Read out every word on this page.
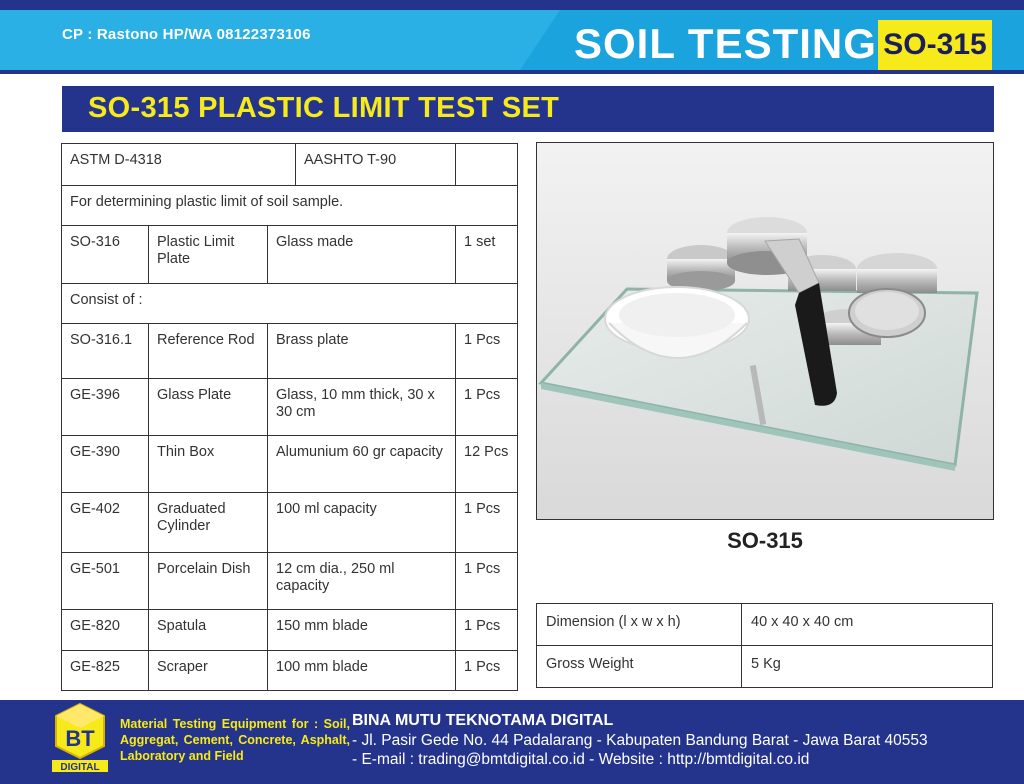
CP : Rastono HP/WA 08122373106	SOIL TESTING SO-315
SO-315 PLASTIC LIMIT TEST SET
ASTM D-4318 AASHTO T-90			
For determining plastic limit of soil sample.			
SO-316	Plastic Limit Plate	Glass made	1 set
Consist of :			
SO-316.1	Reference Rod	Brass plate	1 Pcs
GE-396	Glass Plate	Glass, 10 mm thick, 30 x 30 cm	1 Pcs
GE-390	Thin Box	Alumunium 60 gr capacity	12 Pcs
GE-402	Graduated Cylinder	100 ml capacity	1 Pcs
GE-501	Porcelain Dish	12 cm dia., 250 ml capacity	1 Pcs
GE-820	Spatula	150 mm blade	1 Pcs
GE-825	Scraper	100 mm blade	1 Pcs
SO-315
Dimension (l x w x h)	40 x 40 x 40 cm
Gross Weight	5 Kg
BT
DIGITAL
Material Testing Equipment for : Soil, Aggregat, Cement, Concrete, Asphalt, Laboratory and Field
BINA MUTU TEKNOTAMA DIGITAL
- Jl. Pasir Gede No. 44 Padalarang - Kabupaten Bandung Barat - Jawa Barat 40553
- E-mail : trading@bmtdigital.co.id - Website : http://bmtdigital.co.id
